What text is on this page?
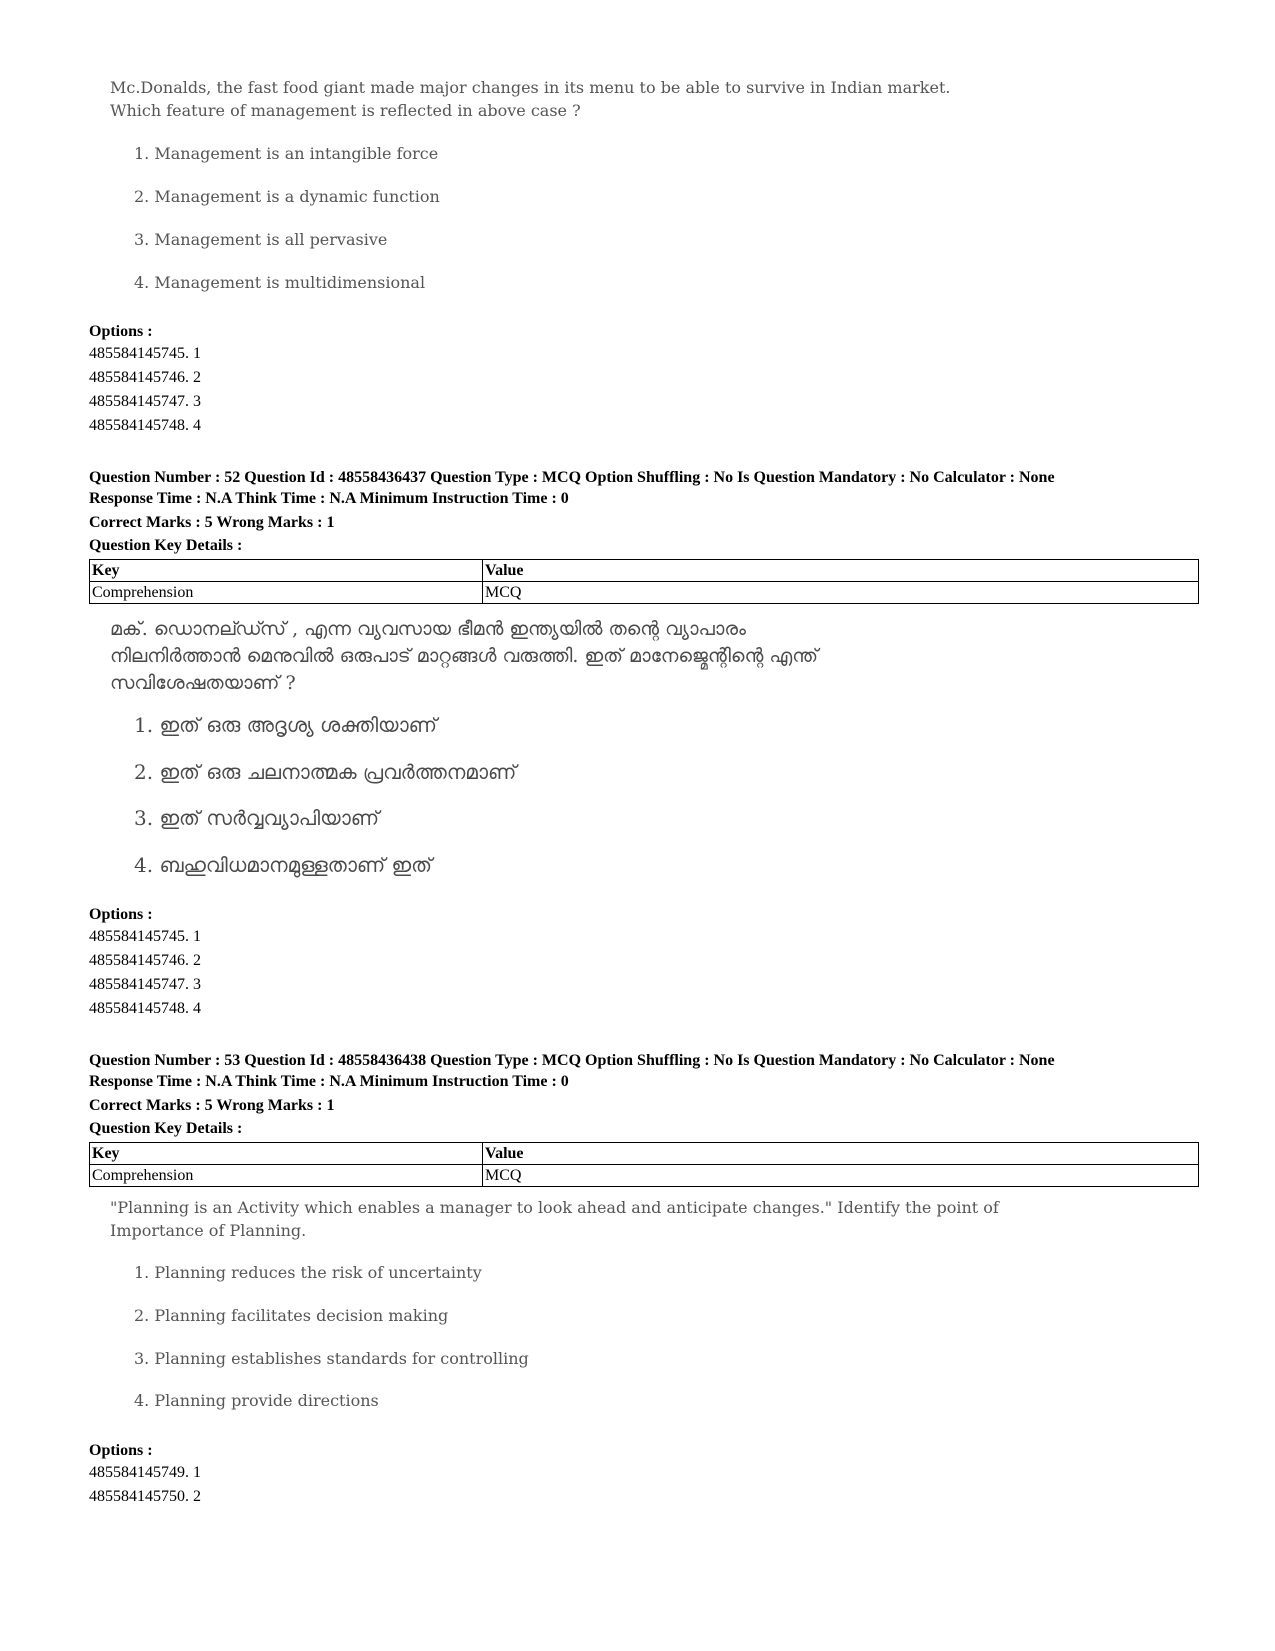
Mc.Donalds, the fast food giant made major changes in its menu to be able to survive in Indian market.
Which feature of management is reflected in above case ?
1. Management is an intangible force
2. Management is a dynamic function
3. Management is all pervasive
4. Management is multidimensional
Options :
485584145745. 1
485584145746. 2
485584145747. 3
485584145748. 4
Question Number : 52 Question Id : 48558436437 Question Type : MCQ Option Shuffling : No Is Question Mandatory : No Calculator : None
Response Time : N.A Think Time : N.A Minimum Instruction Time : 0
Correct Marks : 5 Wrong Marks : 1
Question Key Details :
Key	Value
Comprehension	MCQ
മക്. ഡൊനല്ഡ്സ് , എന്ന വ്യവസായ ഭീമൻ ഇന്ത്യയിൽ തന്റെ വ്യാപാരം
നിലനിർത്താൻ മെനുവിൽ ഒരുപാട് മാറ്റങ്ങൾ വരുത്തി. ഇത് മാനേജ്മെന്റിന്റെ എന്ത്
സവിശേഷതയാണ് ?
1. ഇത് ഒരു അദൃശ്യ ശക്തിയാണ്
2. ഇത് ഒരു ചലനാത്മക പ്രവർത്തനമാണ്
3. ഇത് സർവ്വവ്യാപിയാണ്
4. ബഹുവിധമാനമുള്ളതാണ് ഇത്
Options :
485584145745. 1
485584145746. 2
485584145747. 3
485584145748. 4
Question Number : 53 Question Id : 48558436438 Question Type : MCQ Option Shuffling : No Is Question Mandatory : No Calculator : None
Response Time : N.A Think Time : N.A Minimum Instruction Time : 0
Correct Marks : 5 Wrong Marks : 1
Question Key Details :
Key	Value
Comprehension	MCQ
"Planning is an Activity which enables a manager to look ahead and anticipate changes." Identify the point of
Importance of Planning.
1. Planning reduces the risk of uncertainty
2. Planning facilitates decision making
3. Planning establishes standards for controlling
4. Planning provide directions
Options :
485584145749. 1
485584145750. 2
